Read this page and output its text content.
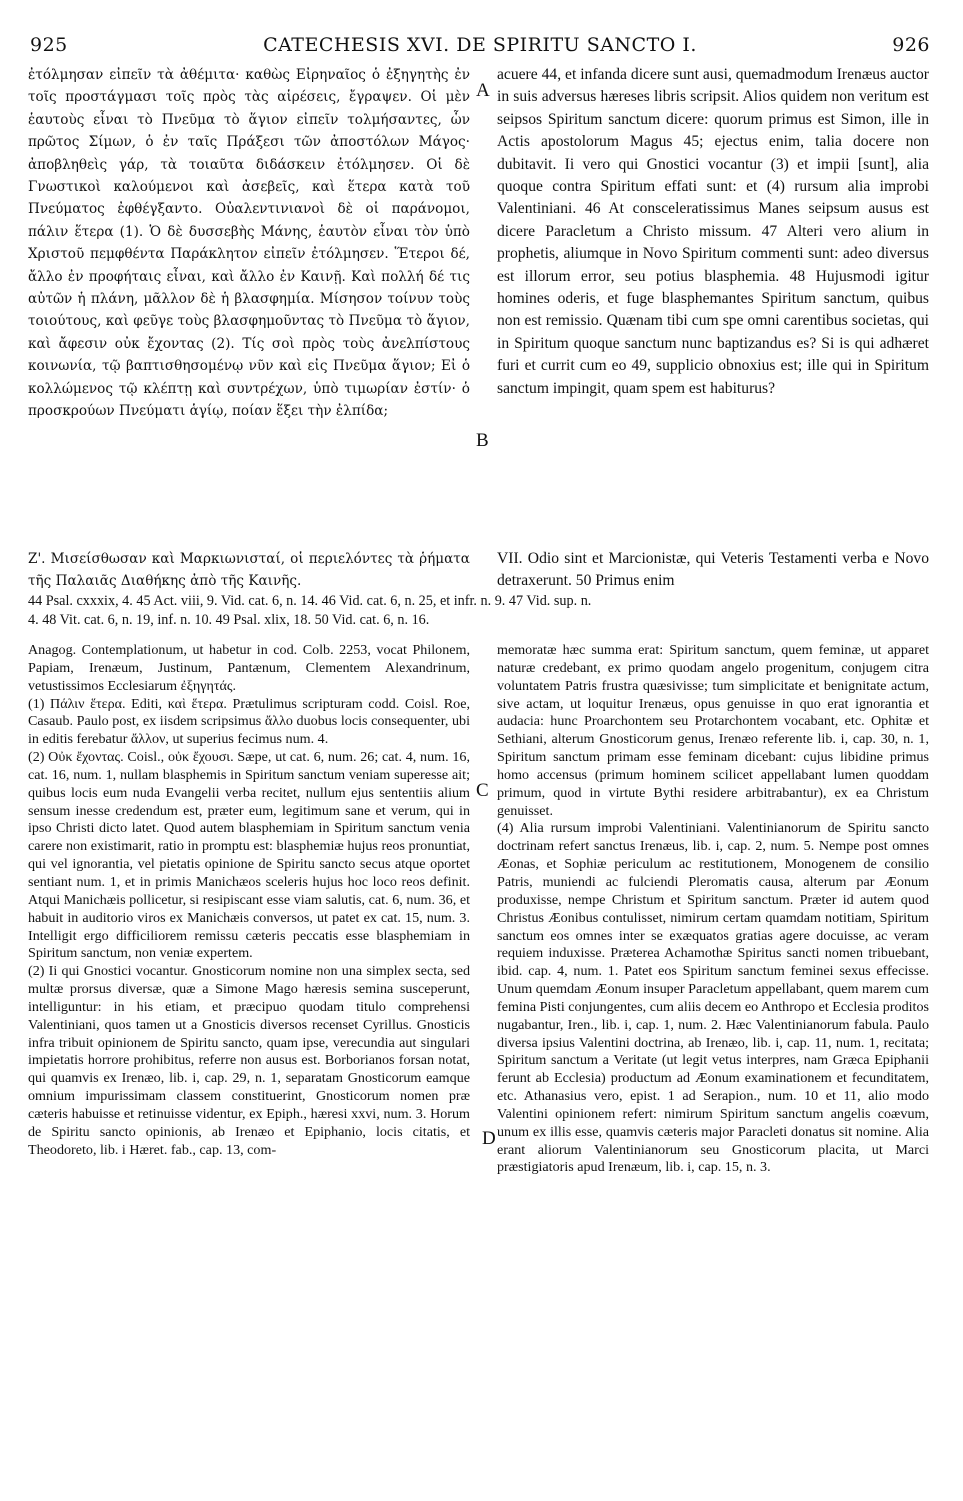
925	CATECHESIS XVI. DE SPIRITU SANCTO I.	926
A
B
C
D

ἐτόλμησαν εἰπεῖν τὰ ἀθέμιτα· καθὼς Εἰρηναῖος ὁ ἐξηγητὴς ἐν τοῖς προστάγμασι τοῖς πρὸς τὰς αἱρέσεις, ἔγραψεν. Οἱ μὲν ἑαυτοὺς εἶναι τὸ Πνεῦμα τὸ ἅγιον εἰπεῖν τολμήσαντες, ὧν πρῶτος Σίμων, ὁ ἐν ταῖς Πράξεσι τῶν ἀποστόλων Μάγος· ἀποβληθεὶς γάρ, τὰ τοιαῦτα διδάσκειν ἐτόλμησεν. Οἱ δὲ Γνωστικοὶ καλούμενοι καὶ ἀσεβεῖς, καὶ ἕτερα κατὰ τοῦ Πνεύματος ἐφθέγξαντο. Οὐαλεντινιανοὶ δὲ οἱ παράνομοι, πάλιν ἕτερα (1). Ὁ δὲ δυσσεβὴς Μάνης, ἑαυτὸν εἶναι τὸν ὑπὸ Χριστοῦ πεμφθέντα Παράκλητον εἰπεῖν ἐτόλμησεν. Ἕτεροι δέ, ἄλλο ἐν προφήταις εἶναι, καὶ ἄλλο ἐν Καινῇ. Καὶ πολλή δέ τις αὐτῶν ἡ πλάνη, μᾶλλον δὲ ἡ βλασφημία. Μίσησον τοίνυν τοὺς τοιούτους, καὶ φεῦγε τοὺς βλασφημοῦντας τὸ Πνεῦμα τὸ ἅγιον, καὶ ἄφεσιν οὐκ ἔχοντας (2). Τίς σοὶ πρὸς τοὺς ἀνελπίστους κοινωνία, τῷ βαπτισθησομένῳ νῦν καὶ εἰς Πνεῦμα ἅγιον; Εἰ ὁ κολλώμενος τῷ κλέπτῃ καὶ συντρέχων, ὑπὸ τιμωρίαν ἐστίν· ὁ προσκρούων Πνεύματι ἁγίῳ, ποίαν ἕξει τὴν ἐλπίδα;

acuere 44, et infanda dicere sunt ausi, quemadmodum Irenæus auctor in suis adversus hæreses libris scripsit. Alios quidem non veritum est seipsos Spiritum sanctum dicere: quorum primus est Simon, ille in Actis apostolorum Magus 45; ejectus enim, talia docere non dubitavit. Ii vero qui Gnostici vocantur (3) et impii [sunt], alia quoque contra Spiritum effati sunt: et (4) rursum alia improbi Valentiniani. 46 At consceleratissimus Manes seipsum ausus est dicere Paracletum a Christo missum. 47 Alteri vero alium in prophetis, aliumque in Novo Spiritum commenti sunt: adeo diversus est illorum error, seu potius blasphemia. 48 Hujusmodi igitur homines oderis, et fuge blasphemantes Spiritum sanctum, quibus non est remissio. Quænam tibi cum spe omni carentibus societas, qui in Spiritum quoque sanctum nunc baptizandus es? Si is qui adhæret furi et currit cum eo 49, supplicio obnoxius est; ille qui in Spiritum sanctum impingit, quam spem est habiturus?

Ζ'. Μισείσθωσαν καὶ Μαρκιωνισταί, οἱ περιελόντες τὰ ῥήματα τῆς Παλαιᾶς Διαθήκης ἀπὸ τῆς Καινῆς.

VII. Odio sint et Marcionistæ, qui Veteris Testamenti verba e Novo detraxerunt. 50 Primus enim

44 Psal. cxxxix, 4. 45 Act. viii, 9. Vid. cat. 6, n. 14. 46 Vid. cat. 6, n. 25, et infr. n. 9. 47 Vid. sup. n.

4. 48 Vit. cat. 6, n. 19, inf. n. 10. 49 Psal. xlix, 18. 50 Vid. cat. 6, n. 16.

Anagog. Contemplationum, ut habetur in cod. Colb. 2253, vocat Philonem, Papiam, Irenæum, Justinum, Pantænum, Clementem Alexandrinum, vetustissimos Ecclesiarum ἐξηγητάς.

(1) Πάλιν ἕτερα. Editi, καὶ ἕτερα. Prætulimus scripturam codd. Coisl. Roe, Casaub. Paulo post, ex iisdem scripsimus ἄλλο duobus locis consequenter, ubi in editis ferebatur ἄλλον, ut superius fecimus num. 4.

(2) Οὐκ ἔχοντας. Coisl., οὐκ ἔχουσι. Sæpe, ut cat. 6, num. 26; cat. 4, num. 16, cat. 16, num. 1, nullam blasphemis in Spiritum sanctum veniam superesse ait; quibus locis eum nuda Evangelii verba recitet, nullum ejus sententiis alium sensum inesse credendum est, præter eum, legitimum sane et verum, qui in ipso Christi dicto latet. Quod autem blasphemiam in Spiritum sanctum venia carere non existimarit, ratio in promptu est: blasphemiæ hujus reos pronuntiat, qui vel ignorantia, vel pietatis opinione de Spiritu sancto secus atque oportet sentiant num. 1, et in primis Manichæos sceleris hujus hoc loco reos definit. Atqui Manichæis pollicetur, si resipiscant esse viam salutis, cat. 6, num. 36, et habuit in auditorio viros ex Manichæis conversos, ut patet ex cat. 15, num. 3. Intelligit ergo difficiliorem remissu cæteris peccatis esse blasphemiam in Spiritum sanctum, non veniæ expertem.

(2) Ii qui Gnostici vocantur. Gnosticorum nomine non una simplex secta, sed multæ prorsus diversæ, quæ a Simone Mago hæresis semina susceperunt, intelliguntur: in his etiam, et præcipuo quodam titulo comprehensi Valentiniani, quos tamen ut a Gnosticis diversos recenset Cyrillus. Gnosticis infra tribuit opinionem de Spiritu sancto, quam ipse, verecundia aut singulari impietatis horrore prohibitus, referre non ausus est. Borborianos forsan notat, qui quamvis ex Irenæo, lib. i, cap. 29, n. 1, separatam Gnosticorum eamque omnium impurissimam classem constituerint, Gnosticorum nomen præ cæteris habuisse et retinuisse videntur, ex Epiph., hæresi xxvi, num. 3. Horum de Spiritu sancto opinionis, ab Irenæo et Epiphanio, locis citatis, et Theodoreto, lib. i Hæret. fab., cap. 13, com-

memoratæ hæc summa erat: Spiritum sanctum, quem feminæ, ut apparet naturæ credebant, ex primo quodam angelo progenitum, conjugem citra voluntatem Patris frustra quæsivisse; tum simplicitate et benignitate actum, sive actam, ut loquitur Irenæus, opus genuisse in quo erat ignorantia et audacia: hunc Proarchontem seu Protarchontem vocabant, etc. Ophitæ et Sethiani, alterum Gnosticorum genus, Irenæo referente lib. i, cap. 30, n. 1, Spiritum sanctum primam esse feminam dicebant: cujus libidine primus homo accensus (primum hominem scilicet appellabant lumen quoddam primum, quod in virtute Bythi residere arbitrabantur), ex ea Christum genuisset.

(4) Alia rursum improbi Valentiniani. Valentinianorum de Spiritu sancto doctrinam refert sanctus Irenæus, lib. i, cap. 2, num. 5. Nempe post omnes Æonas, et Sophiæ periculum ac restitutionem, Monogenem de consilio Patris, muniendi ac fulciendi Pleromatis causa, alterum par Æonum produxisse, nempe Christum et Spiritum sanctum. Præter id autem quod Christus Æonibus contulisset, nimirum certam quamdam notitiam, Spiritum sanctum eos omnes inter se exæquatos gratias agere docuisse, ac veram requiem induxisse. Præterea Achamothæ Spiritus sancti nomen tribuebant, ibid. cap. 4, num. 1. Patet eos Spiritum sanctum feminei sexus effecisse. Unum quemdam Æonum insuper Paracletum appellabant, quem marem cum femina Pisti conjungentes, cum aliis decem eo Anthropo et Ecclesia proditos nugabantur, Iren., lib. i, cap. 1, num. 2. Hæc Valentinianorum fabula. Paulo diversa ipsius Valentini doctrina, ab Irenæo, lib. i, cap. 11, num. 1, recitata; Spiritum sanctum a Veritate (ut legit vetus interpres, nam Græca Epiphanii ferunt ab Ecclesia) productum ad Æonum examinationem et fecunditatem, etc. Athanasius vero, epist. 1 ad Serapion., num. 10 et 11, alio modo Valentini opinionem refert: nimirum Spiritum sanctum angelis coævum, unum ex illis esse, quamvis cæteris major Paracleti donatus sit nomine. Alia erant aliorum Valentinianorum seu Gnosticorum placita, ut Marci præstigiatoris apud Irenæum, lib. i, cap. 15, n. 3.
